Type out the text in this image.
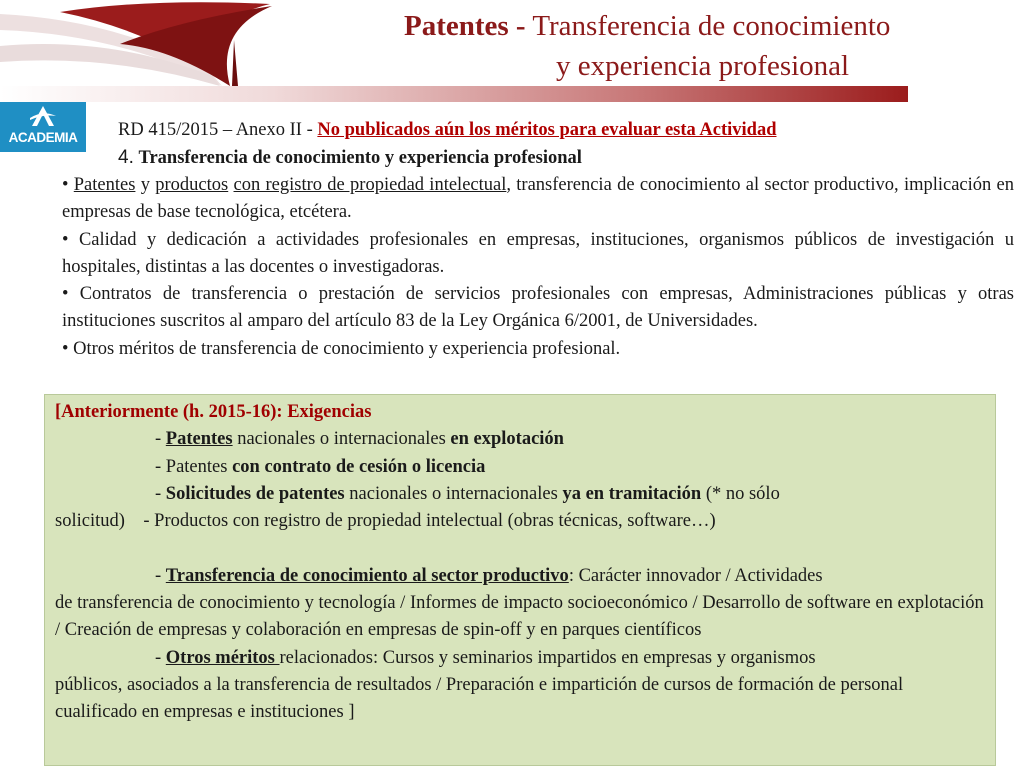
Patentes - Transferencia de conocimiento
y experiencia profesional
ACADEMIA	RD 415/2015 – Anexo II - No publicados aún los méritos para evaluar esta Actividad
4. Transferencia de conocimiento y experiencia profesional

• Patentes y productos con registro de propiedad intelectual, transferencia de conocimiento al sector productivo, implicación en empresas de base tecnológica, etcétera.

• Calidad y dedicación a actividades profesionales en empresas, instituciones, organismos públicos de investigación u hospitales, distintas a las docentes o investigadoras.

• Contratos de transferencia o prestación de servicios profesionales con empresas, Administraciones públicas y otras instituciones suscritos al amparo del artículo 83 de la Ley Orgánica 6/2001, de Universidades.

• Otros méritos de transferencia de conocimiento y experiencia profesional.

[Anteriormente (h. 2015-16): Exigencias

- Patentes nacionales o internacionales en explotación

- Patentes con contrato de cesión o licencia

- Solicitudes de patentes nacionales o internacionales ya en tramitación (* no sólo

solicitud)    - Productos con registro de propiedad intelectual (obras técnicas, software…)

- Transferencia de conocimiento al sector productivo: Carácter innovador / Actividades

de transferencia de conocimiento y tecnología / Informes de impacto socioeconómico / Desarrollo de software en explotación / Creación de empresas y colaboración en empresas de spin-off y en parques científicos

- Otros méritos relacionados: Cursos y seminarios impartidos en empresas y organismos

públicos, asociados a la transferencia de resultados / Preparación e impartición de cursos de formación de personal cualificado en empresas e instituciones ]
